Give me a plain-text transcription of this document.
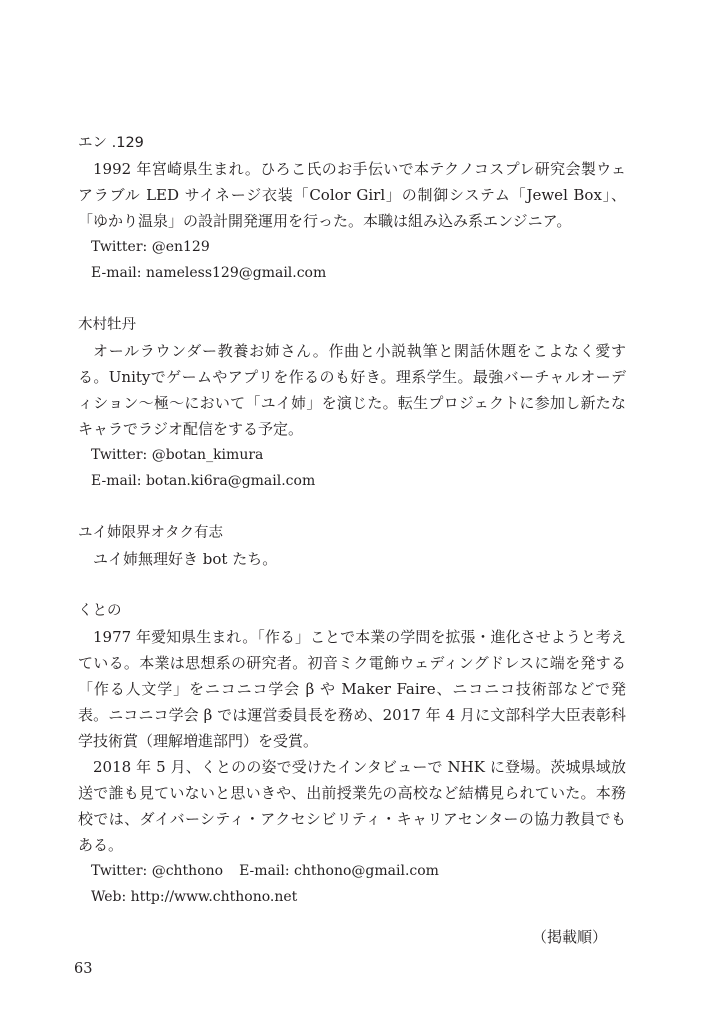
エン .129

1992 年宮崎県生まれ。ひろこ氏のお手伝いで本テクノコスプレ研究会製ウェアラブル LED サイネージ衣装「Color Girl」の制御システム「Jewel Box」、「ゆかり温泉」の設計開発運用を行った。本職は組み込み系エンジニア。

Twitter: @en129

E-mail: nameless129@gmail.com

木村牡丹

オールラウンダー教養お姉さん。作曲と小説執筆と閑話休題をこよなく愛する。Unityでゲームやアプリを作るのも好き。理系学生。最強バーチャルオーディション〜極〜において「ユイ姉」を演じた。転生プロジェクトに参加し新たなキャラでラジオ配信をする予定。

Twitter: @botan_kimura

E-mail: botan.ki6ra@gmail.com

ユイ姉限界オタク有志

ユイ姉無理好き bot たち。

くとの

1977 年愛知県生まれ。「作る」ことで本業の学問を拡張・進化させようと考えている。本業は思想系の研究者。初音ミク電飾ウェディングドレスに端を発する「作る人文学」をニコニコ学会 β や Maker Faire、ニコニコ技術部などで発表。ニコニコ学会 β では運営委員長を務め、2017 年 4 月に文部科学大臣表彰科学技術賞（理解増進部門）を受賞。

2018 年 5 月、くとのの姿で受けたインタビューで NHK に登場。茨城県域放送で誰も見ていないと思いきや、出前授業先の高校など結構見られていた。本務校では、ダイバーシティ・アクセシビリティ・キャリアセンターの協力教員でもある。

Twitter: @chthono E-mail: chthono@gmail.com

Web: http://www.chthono.net

（掲載順）
63
